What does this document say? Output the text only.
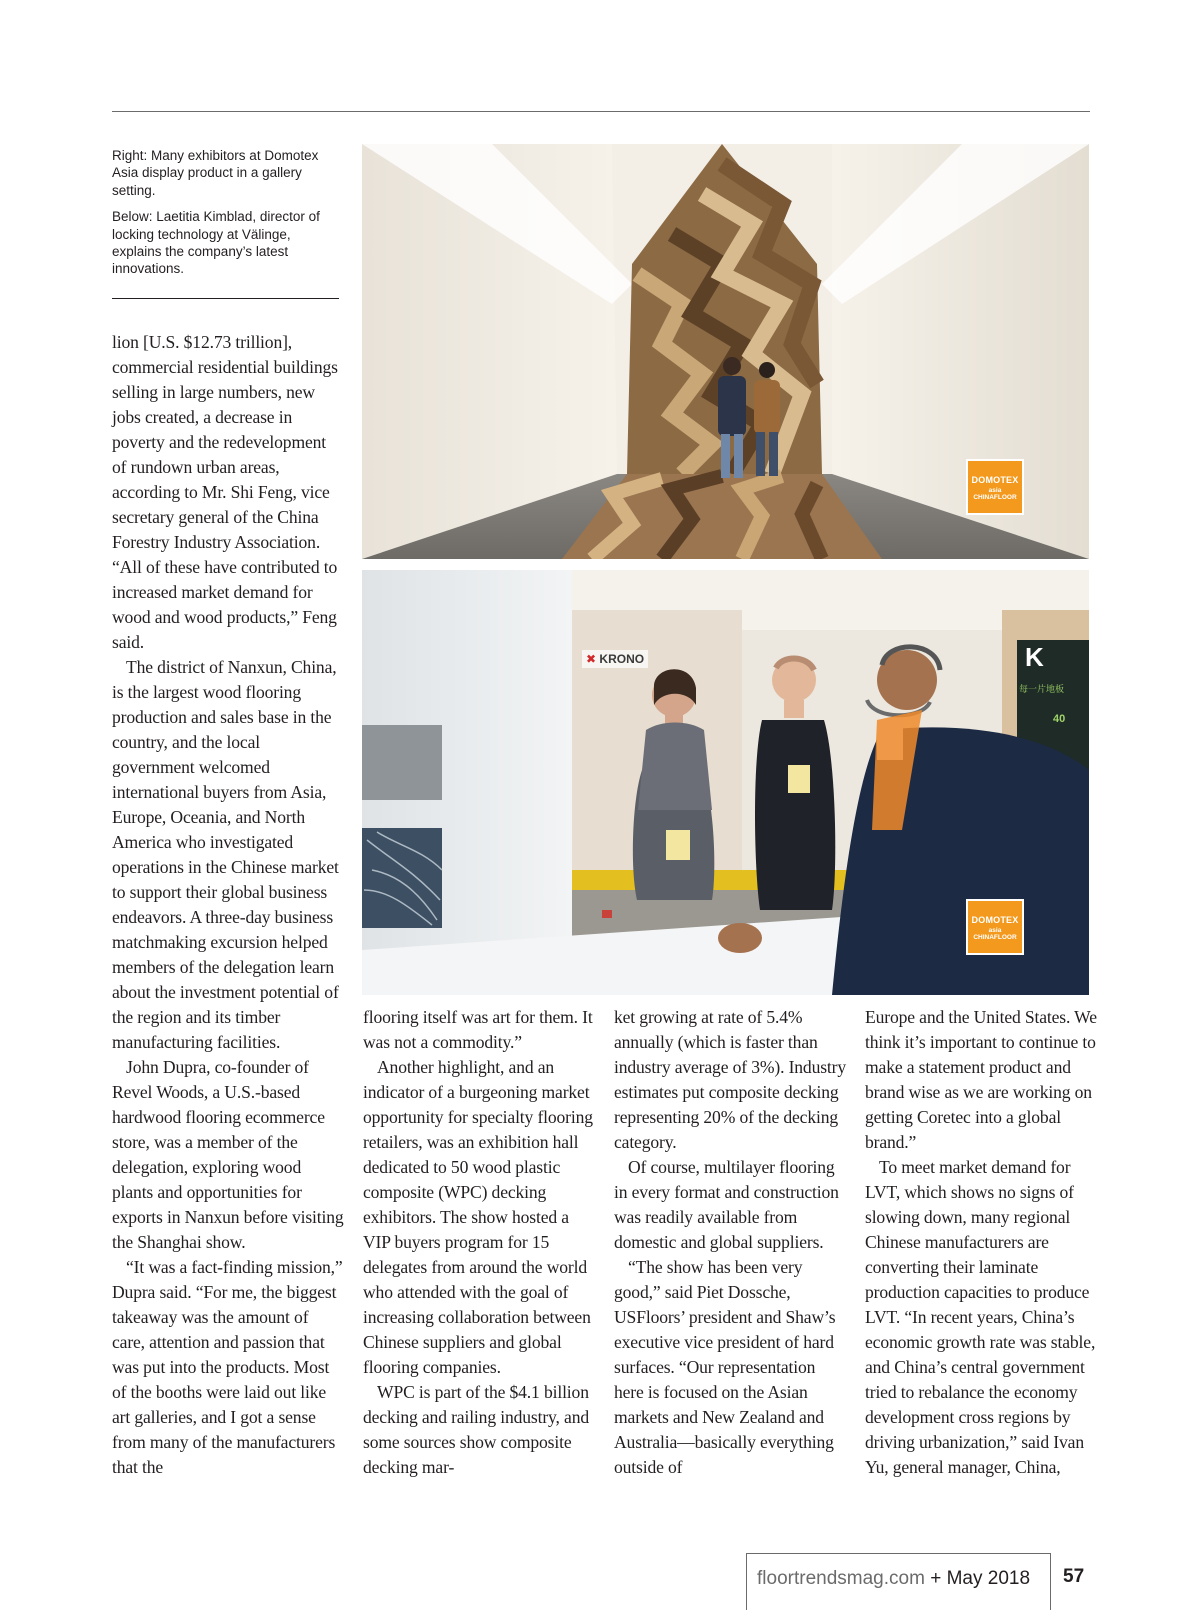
Right: Many exhibitors at Domotex Asia display product in a gallery setting.

Below: Laetitia Kimblad, director of locking technology at Välinge, explains the company’s latest innovations.

DOMOTEX
asia CHINAFLOOR
✖ KRONO	K
每一片地板
40
DOMOTEX
asia CHINAFLOOR

lion [U.S. $12.73 trillion], commercial residential buildings selling in large numbers, new jobs created, a decrease in poverty and the redevelopment of rundown urban areas, according to Mr. Shi Feng, vice secretary general of the China Forestry Industry Association. “All of these have contributed to increased market demand for wood and wood products,” Feng said.

The district of Nanxun, China, is the largest wood flooring production and sales base in the country, and the local government welcomed international buyers from Asia, Europe, Oceania, and North America who investigated operations in the Chinese market to support their global business endeavors. A three-day business matchmaking excursion helped members of the delegation learn about the investment potential of the region and its timber manufacturing facilities.

John Dupra, co-founder of Revel Woods, a U.S.-based hardwood flooring ecommerce store, was a member of the delegation, exploring wood plants and opportunities for exports in Nanxun before visiting the Shanghai show.

“It was a fact-finding mission,” Dupra said. “For me, the biggest takeaway was the amount of care, attention and passion that was put into the products. Most of the booths were laid out like art galleries, and I got a sense from many of the manufacturers that the

flooring itself was art for them. It was not a commodity.”

Another highlight, and an indicator of a burgeoning market opportunity for specialty flooring retailers, was an exhibition hall dedicated to 50 wood plastic composite (WPC) decking exhibitors. The show hosted a VIP buyers program for 15 delegates from around the world who attended with the goal of increasing collaboration between Chinese suppliers and global flooring companies.

WPC is part of the $4.1 billion decking and railing industry, and some sources show composite decking mar-

ket growing at rate of 5.4% annually (which is faster than industry average of 3%). Industry estimates put composite decking representing 20% of the decking category.

Of course, multilayer flooring in every format and construction was readily available from domestic and global suppliers.

“The show has been very good,” said Piet Dossche, USFloors’ president and Shaw’s executive vice president of hard surfaces. “Our representation here is focused on the Asian markets and New Zealand and Australia—basically everything outside of

Europe and the United States. We think it’s important to continue to make a statement product and brand wise as we are working on getting Coretec into a global brand.”

To meet market demand for LVT, which shows no signs of slowing down, many regional Chinese manufacturers are converting their laminate production capacities to produce LVT. “In recent years, China’s economic growth rate was stable, and China’s central government tried to rebalance the economy development cross regions by driving urbanization,” said Ivan Yu, general manager, China,

floortrendsmag.com + May 2018 57
